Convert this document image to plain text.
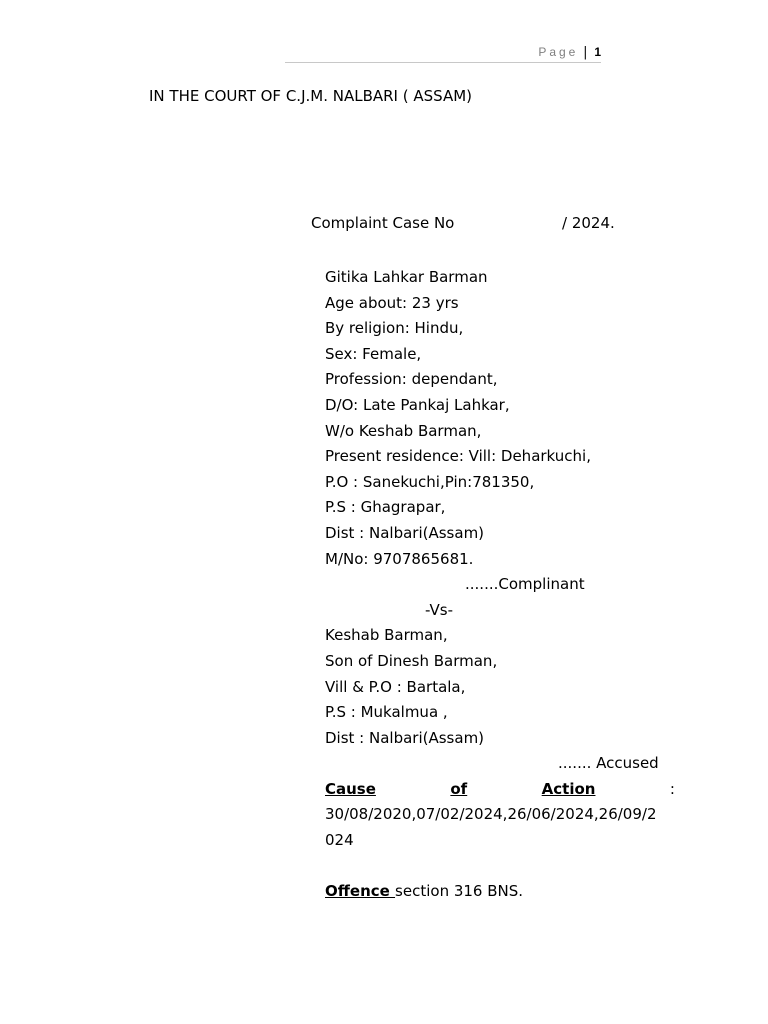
Page | 1
IN THE COURT OF C.J.M. NALBARI ( ASSAM)
Complaint Case No	/ 2024.
Gitika Lahkar Barman
Age about: 23 yrs
By religion: Hindu,
Sex: Female,
Profession: dependant,
D/O: Late Pankaj Lahkar,
W/o Keshab Barman,
Present residence: Vill: Deharkuchi,
P.O : Sanekuchi,Pin:781350,
P.S : Ghagrapar,
Dist : Nalbari(Assam)
M/No: 9707865681.
.......Complinant
-Vs-
Keshab Barman,
Son of Dinesh Barman,
Vill & P.O : Bartala,
P.S : Mukalmua ,
Dist : Nalbari(Assam)
....... Accused
Cause	of	Action	:
30/08/2020,07/02/2024,26/06/2024,26/09/2
024
Offence section 316 BNS.
